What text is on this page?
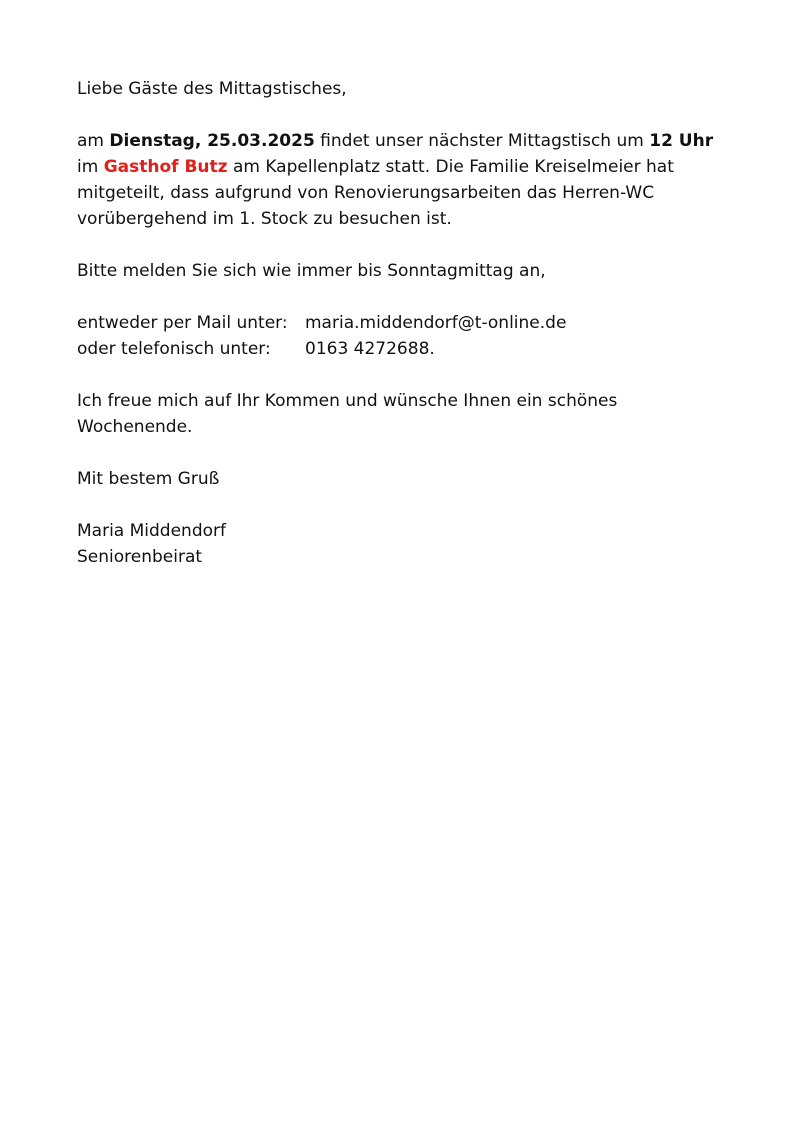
Liebe Gäste des Mittagstisches,

am Dienstag, 25.03.2025 findet unser nächster Mittagstisch um 12 Uhr
im Gasthof Butz am Kapellenplatz statt. Die Familie Kreiselmeier hat
mitgeteilt, dass aufgrund von Renovierungsarbeiten das Herren-WC
vorübergehend im 1. Stock zu besuchen ist.

Bitte melden Sie sich wie immer bis Sonntagmittag an,

entweder per Mail unter: maria.middendorf@t-online.de
oder telefonisch unter: 0163 4272688.

Ich freue mich auf Ihr Kommen und wünsche Ihnen ein schönes
Wochenende.

Mit bestem Gruß

Maria Middendorf
Seniorenbeirat
